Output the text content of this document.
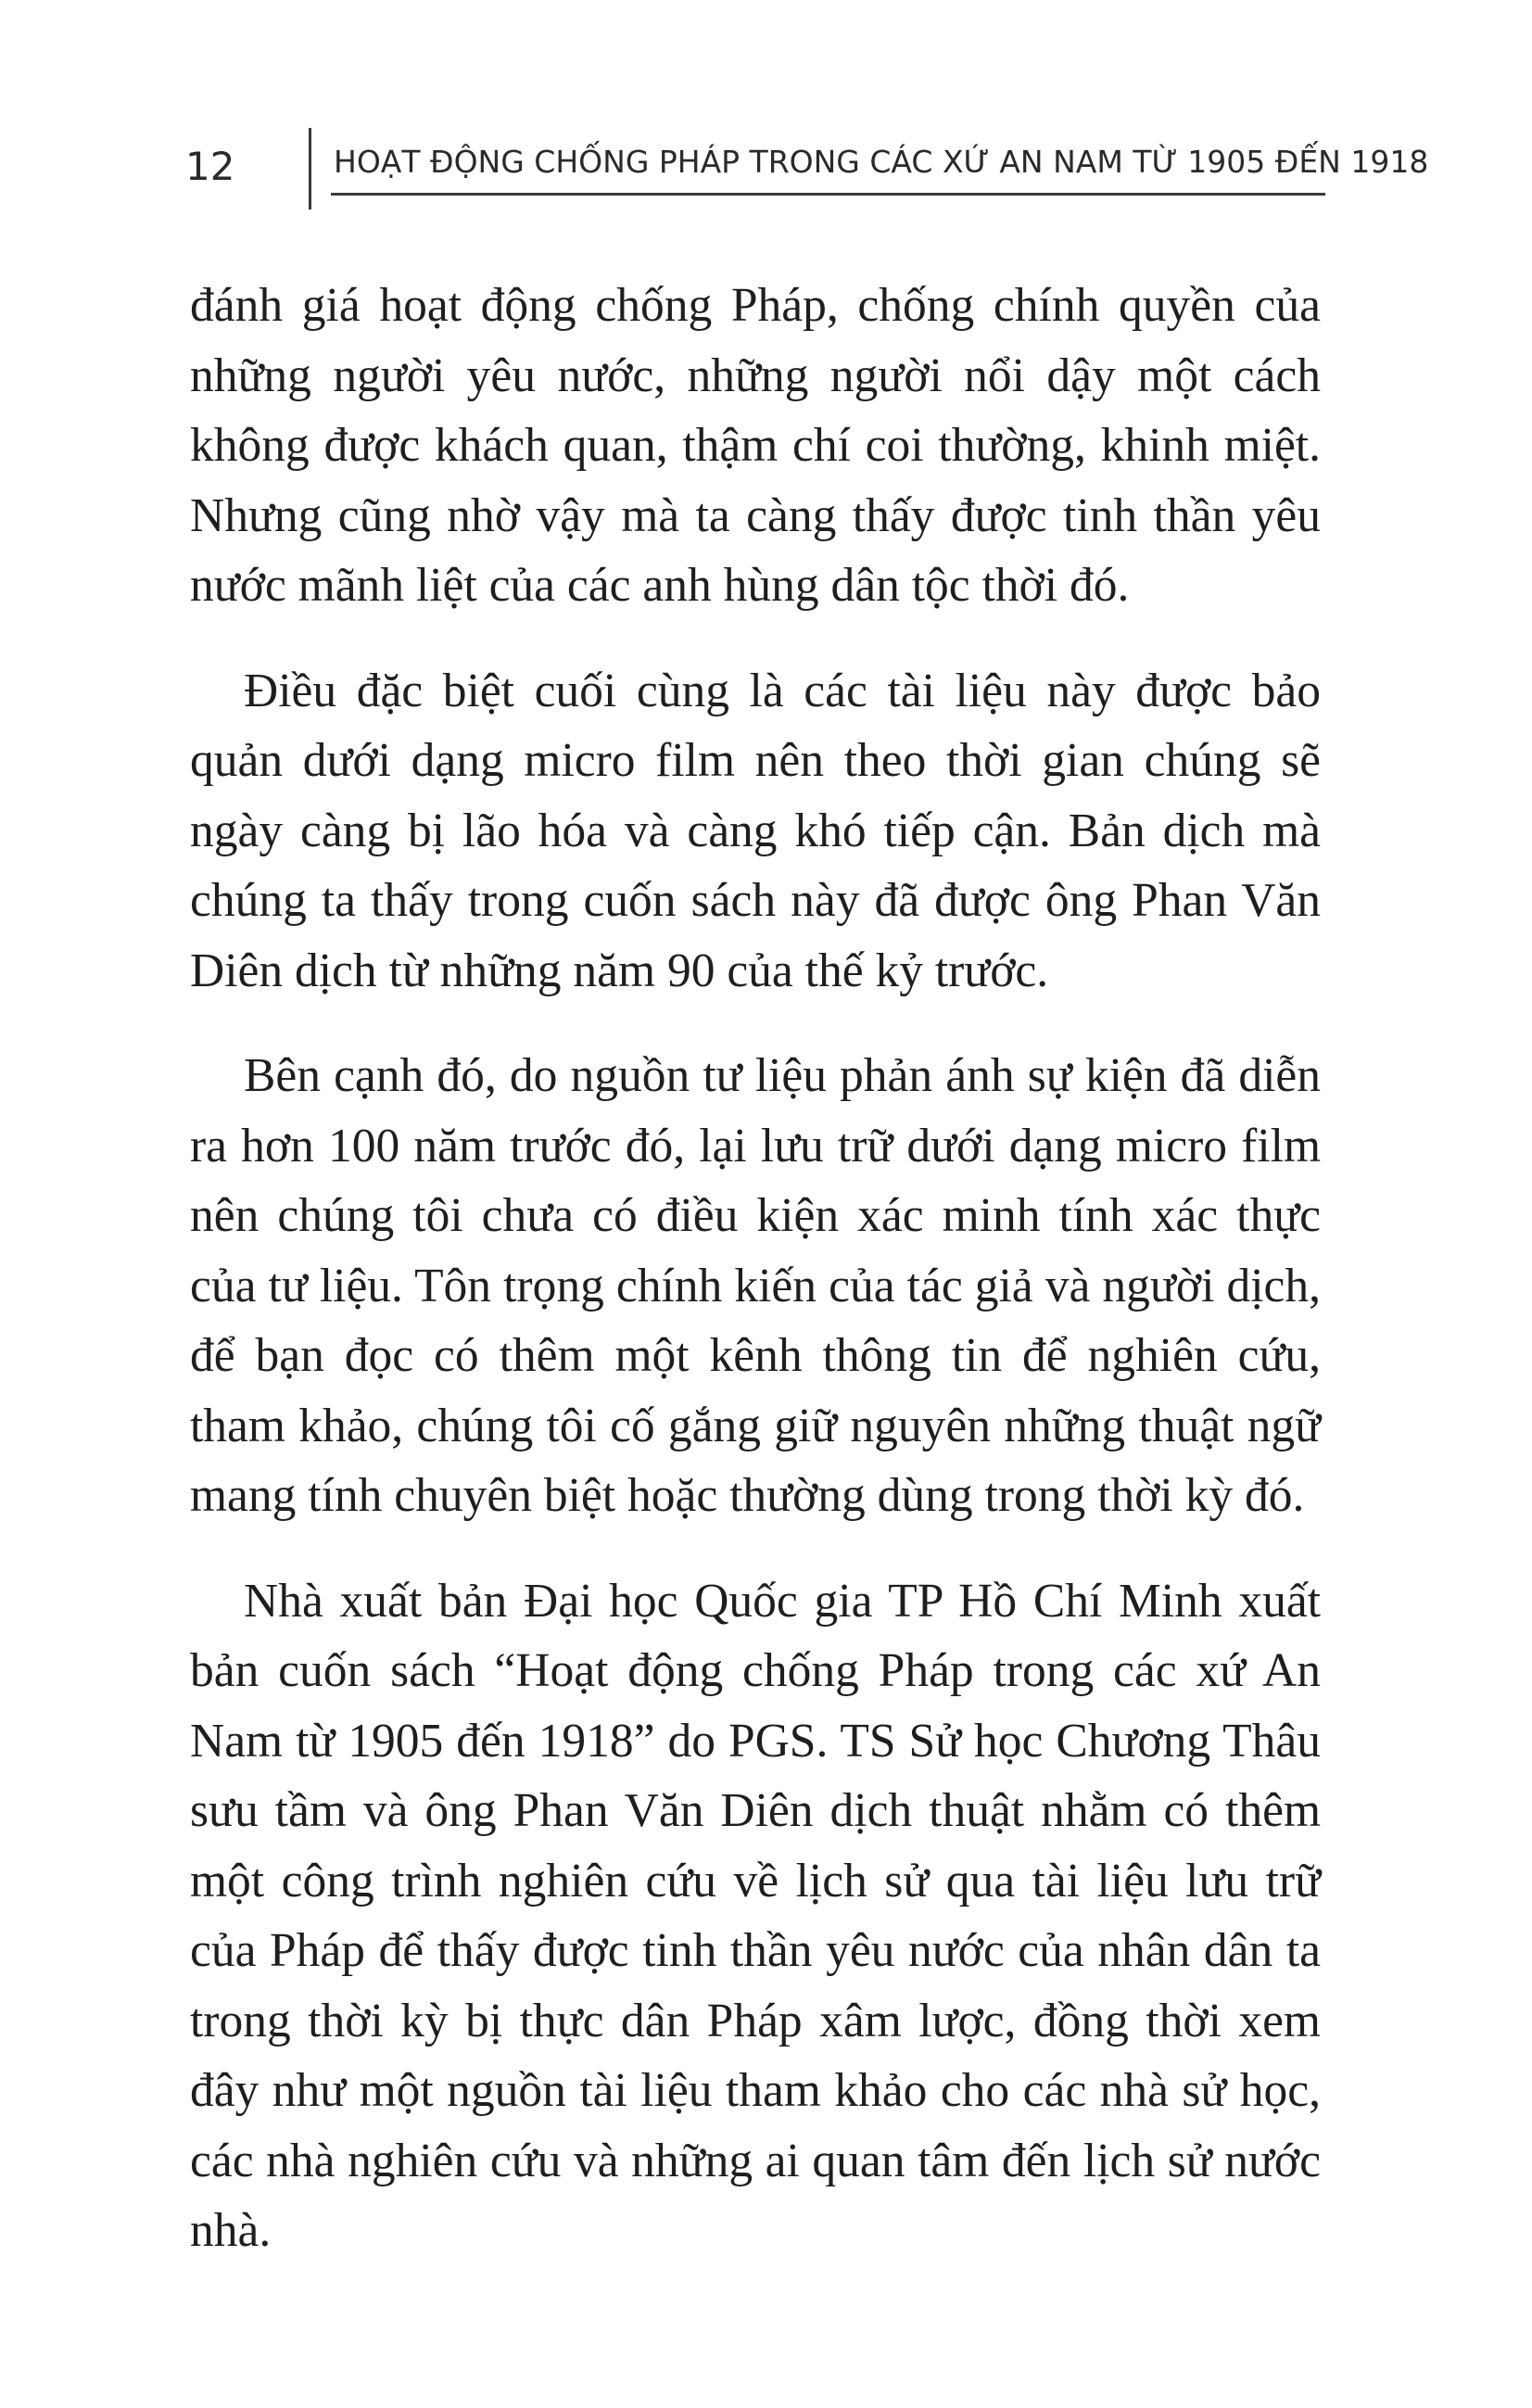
12	HOẠT ĐỘNG CHỐNG PHÁP TRONG CÁC XỨ AN NAM TỪ 1905 ĐẾN 1918

đánh giá hoạt động chống Pháp, chống chính quyền của những người yêu nước, những người nổi dậy một cách không được khách quan, thậm chí coi thường, khinh miệt. Nhưng cũng nhờ vậy mà ta càng thấy được tinh thần yêu nước mãnh liệt của các anh hùng dân tộc thời đó.

Điều đặc biệt cuối cùng là các tài liệu này được bảo quản dưới dạng micro film nên theo thời gian chúng sẽ ngày càng bị lão hóa và càng khó tiếp cận. Bản dịch mà chúng ta thấy trong cuốn sách này đã được ông Phan Văn Diên dịch từ những năm 90 của thế kỷ trước.

Bên cạnh đó, do nguồn tư liệu phản ánh sự kiện đã diễn ra hơn 100 năm trước đó, lại lưu trữ dưới dạng micro film nên chúng tôi chưa có điều kiện xác minh tính xác thực của tư liệu. Tôn trọng chính kiến của tác giả và người dịch, để bạn đọc có thêm một kênh thông tin để nghiên cứu, tham khảo, chúng tôi cố gắng giữ nguyên những thuật ngữ mang tính chuyên biệt hoặc thường dùng trong thời kỳ đó.

Nhà xuất bản Đại học Quốc gia TP Hồ Chí Minh xuất bản cuốn sách “Hoạt động chống Pháp trong các xứ An Nam từ 1905 đến 1918” do PGS. TS Sử học Chương Thâu sưu tầm và ông Phan Văn Diên dịch thuật nhằm có thêm một công trình nghiên cứu về lịch sử qua tài liệu lưu trữ của Pháp để thấy được tinh thần yêu nước của nhân dân ta trong thời kỳ bị thực dân Pháp xâm lược, đồng thời xem đây như một nguồn tài liệu tham khảo cho các nhà sử học, các nhà nghiên cứu và những ai quan tâm đến lịch sử nước nhà.
